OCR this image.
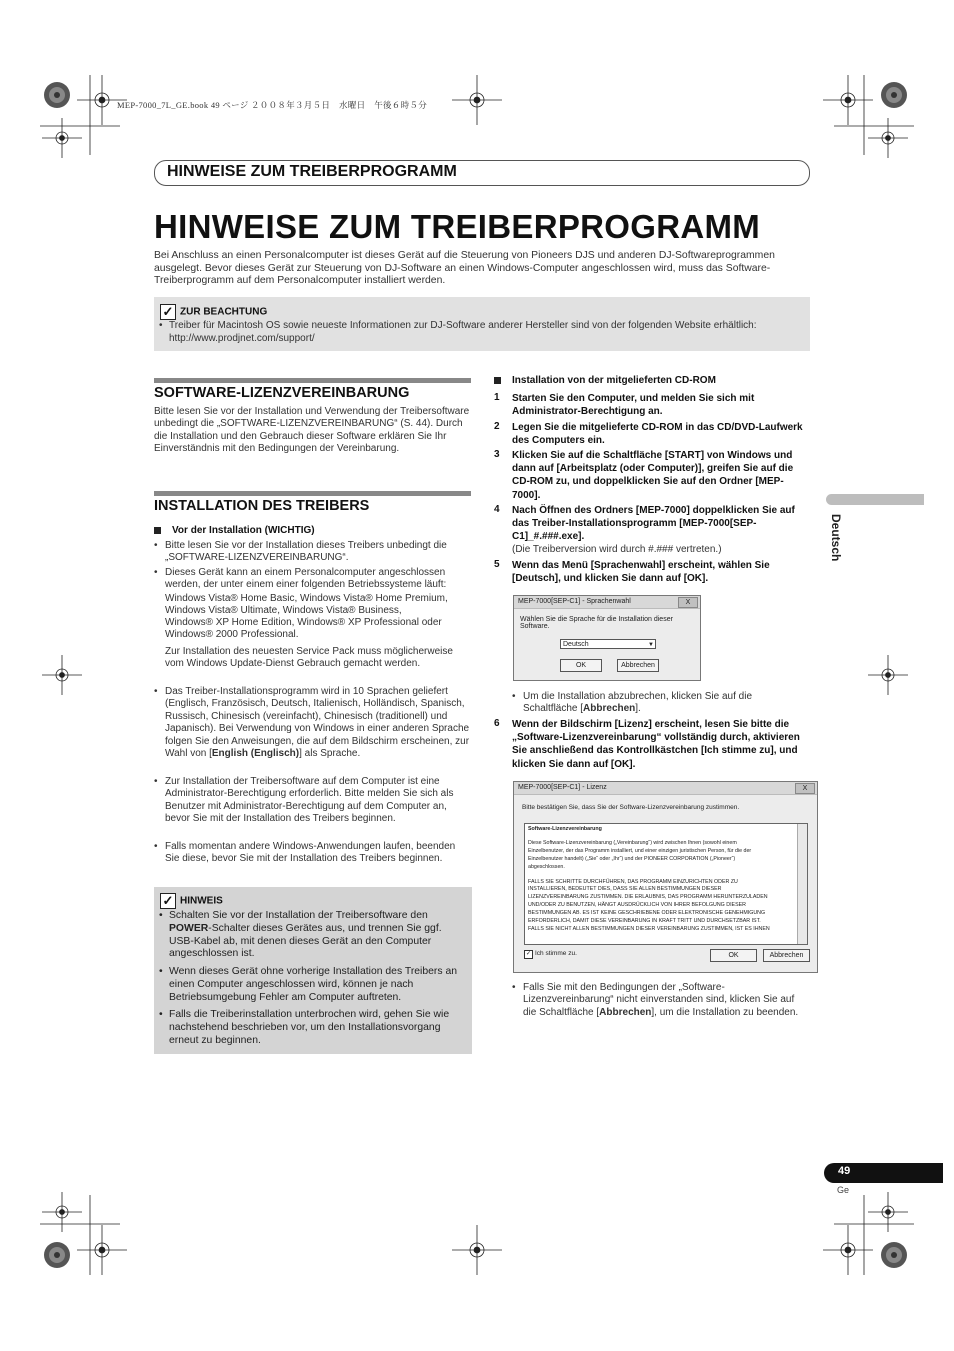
MEP-7000_7L_GE.book 49 ページ ２００８年３月５日　水曜日　午後６時５分
HINWEISE ZUM TREIBERPROGRAMM
HINWEISE ZUM TREIBERPROGRAMM
Bei Anschluss an einen Personalcomputer ist dieses Gerät auf die Steuerung von Pioneers DJS und anderen DJ-Softwareprogrammen ausgelegt. Bevor dieses Gerät zur Steuerung von DJ-Software an einen Windows-Computer angeschlossen wird, muss das Software-Treiberprogramm auf dem Personalcomputer installiert werden.
✓ ZUR BEACHTUNG
• Treiber für Macintosh OS sowie neueste Informationen zur DJ-Software anderer Hersteller sind von der folgenden Website erhältlich: http://www.prodjnet.com/support/
SOFTWARE-LIZENZVEREINBARUNG
Bitte lesen Sie vor der Installation und Verwendung der Treibersoftware unbedingt die „SOFTWARE-LIZENZVEREINBARUNG“ (S. 44). Durch die Installation und den Gebrauch dieser Software erklären Sie Ihr Einverständnis mit den Bedingungen der Vereinbarung.
INSTALLATION DES TREIBERS
Vor der Installation (WICHTIG)
• Bitte lesen Sie vor der Installation dieses Treibers unbedingt die „SOFTWARE-LIZENZVEREINBARUNG“.
• Dieses Gerät kann an einem Personalcomputer angeschlossen werden, der unter einem einer folgenden Betriebssysteme läuft:
Windows Vista® Home Basic, Windows Vista® Home Premium,
Windows Vista® Ultimate, Windows Vista® Business,
Windows® XP Home Edition, Windows® XP Professional oder
Windows® 2000 Professional.
Zur Installation des neuesten Service Pack muss möglicherweise vom Windows Update-Dienst Gebrauch gemacht werden.
• Das Treiber-Installationsprogramm wird in 10 Sprachen geliefert (Englisch, Französisch, Deutsch, Italienisch, Holländisch, Spanisch, Russisch, Chinesisch (vereinfacht), Chinesisch (traditionell) und Japanisch). Bei Verwendung von Windows in einer anderen Sprache folgen Sie den Anweisungen, die auf dem Bildschirm erscheinen, zur Wahl von [English (Englisch)] als Sprache.
• Zur Installation der Treibersoftware auf dem Computer ist eine Administrator-Berechtigung erforderlich. Bitte melden Sie sich als Benutzer mit Administrator-Berechtigung auf dem Computer an, bevor Sie mit der Installation des Treibers beginnen.
• Falls momentan andere Windows-Anwendungen laufen, beenden Sie diese, bevor Sie mit der Installation des Treibers beginnen.
✓ HINWEIS
• Schalten Sie vor der Installation der Treibersoftware den POWER-Schalter dieses Gerätes aus, und trennen Sie ggf. USB-Kabel ab, mit denen dieses Gerät an den Computer angeschlossen ist.
• Wenn dieses Gerät ohne vorherige Installation des Treibers an einen Computer angeschlossen wird, können je nach Betriebsumgebung Fehler am Computer auftreten.
• Falls die Treiberinstallation unterbrochen wird, gehen Sie wie nachstehend beschrieben vor, um den Installationsvorgang erneut zu beginnen.
Installation von der mitgelieferten CD-ROM
1 Starten Sie den Computer, und melden Sie sich mit Administrator-Berechtigung an.
2 Legen Sie die mitgelieferte CD-ROM in das CD/DVD-Laufwerk des Computers ein.
3 Klicken Sie auf die Schaltfläche [START] von Windows und dann auf [Arbeitsplatz (oder Computer)], greifen Sie auf die CD-ROM zu, und doppelklicken Sie auf den Ordner [MEP-7000].
4 Nach Öffnen des Ordners [MEP-7000] doppelklicken Sie auf das Treiber-Installationsprogramm [MEP-7000[SEP-C1]_#.###.exe].
(Die Treiberversion wird durch #.### vertreten.)
5 Wenn das Menü [Sprachenwahl] erscheint, wählen Sie [Deutsch], und klicken Sie dann auf [OK].
MEP-7000[SEP-C1] - Sprachenwahl	X
Wählen Sie die Sprache für die Installation dieser Software.
Deutsch	▼
OK	Abbrechen
• Um die Installation abzubrechen, klicken Sie auf die Schaltfläche [Abbrechen].
6 Wenn der Bildschirm [Lizenz] erscheint, lesen Sie bitte die „Software-Lizenzvereinbarung“ vollständig durch, aktivieren Sie anschließend das Kontrollkästchen [Ich stimme zu], und klicken Sie dann auf [OK].
MEP-7000[SEP-C1] - Lizenz	X
Bitte bestätigen Sie, dass Sie der Software-Lizenzvereinbarung zustimmen.
Software-Lizenzvereinbarung
Diese Software-Lizenzvereinbarung („Vereinbarung“) wird zwischen Ihnen (sowohl einem
Einzelbenutzer, der das Programm installiert, und einer einzigen juristischen Person, für die der
Einzelbenutzer handelt) („Sie“ oder „Ihr“) und der PIONEER CORPORATION („Pioneer“)
abgeschlossen.
FALLS SIE SCHRITTE DURCHFÜHREN, DAS PROGRAMM EINZURICHTEN ODER ZU
INSTALLIEREN, BEDEUTET DIES, DASS SIE ALLEN BESTIMMUNGEN DIESER
LIZENZVEREINBARUNG ZUSTIMMEN. DIE ERLAUBNIS, DAS PROGRAMM HERUNTERZULADEN
UND/ODER ZU BENUTZEN, HÄNGT AUSDRÜCKLICH VON IHRER BEFOLGUNG DIESER
BESTIMMUNGEN AB. ES IST KEINE GESCHRIEBENE ODER ELEKTRONISCHE GENEHMIGUNG
ERFORDERLICH, DAMIT DIESE VEREINBARUNG IN KRAFT TRITT UND DURCHSETZBAR IST.
FALLS SIE NICHT ALLEN BESTIMMUNGEN DIESER VEREINBARUNG ZUSTIMMEN, IST ES IHNEN
✓ Ich stimme zu.	OK	Abbrechen
• Falls Sie mit den Bedingungen der „Software-Lizenzvereinbarung“ nicht einverstanden sind, klicken Sie auf die Schaltfläche [Abbrechen], um die Installation zu beenden.
Deutsch
49
Ge
